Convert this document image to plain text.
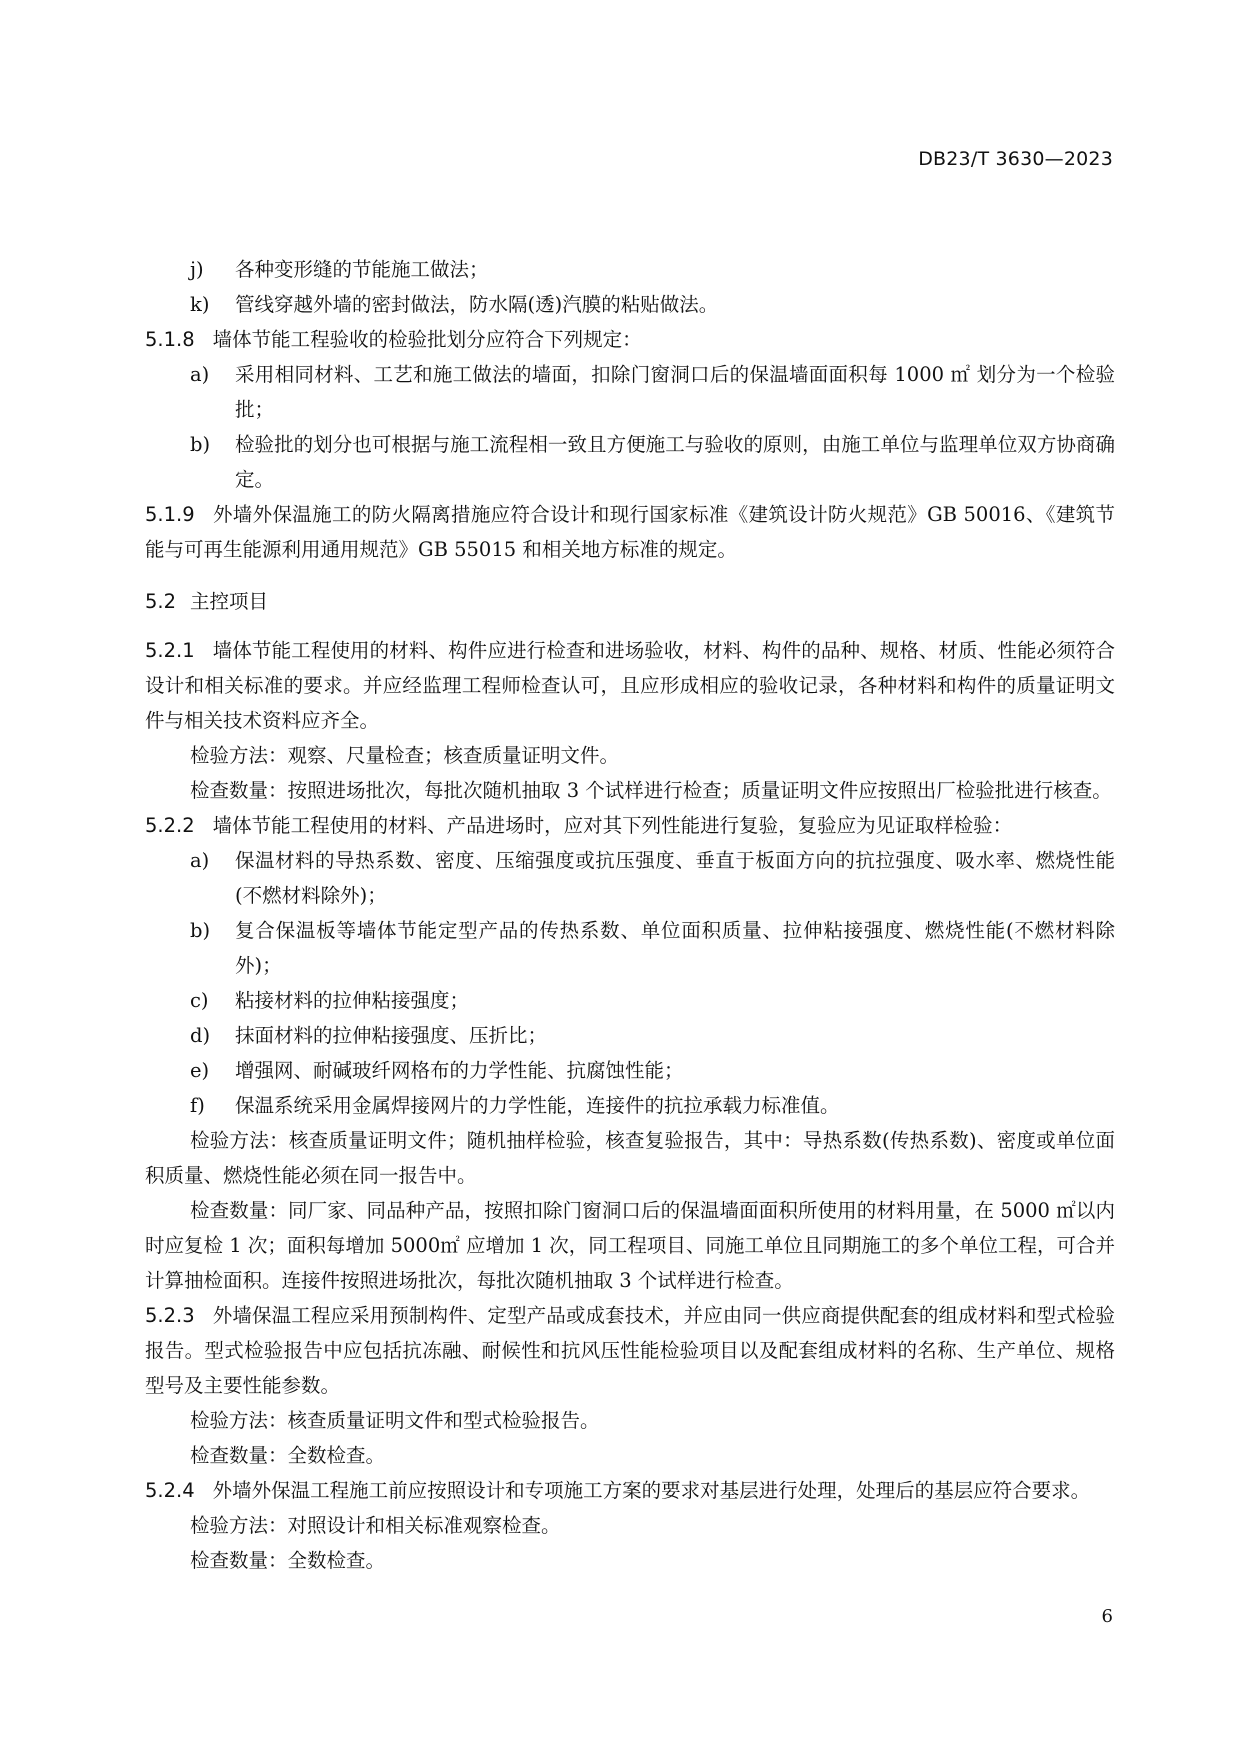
DB23/T 3630—2023

j) 各种变形缝的节能施工做法；

k) 管线穿越外墙的密封做法，防水隔(透)汽膜的粘贴做法。

5.1.8 墙体节能工程验收的检验批划分应符合下列规定：

a) 采用相同材料、工艺和施工做法的墙面，扣除门窗洞口后的保温墙面面积每 1000 ㎡ 划分为一个检验批；

b) 检验批的划分也可根据与施工流程相一致且方便施工与验收的原则，由施工单位与监理单位双方协商确定。

5.1.9 外墙外保温施工的防火隔离措施应符合设计和现行国家标准《建筑设计防火规范》GB 50016、《建筑节能与可再生能源利用通用规范》GB 55015 和相关地方标准的规定。

5.2 主控项目

5.2.1 墙体节能工程使用的材料、构件应进行检查和进场验收，材料、构件的品种、规格、材质、性能必须符合设计和相关标准的要求。并应经监理工程师检查认可，且应形成相应的验收记录，各种材料和构件的质量证明文件与相关技术资料应齐全。

检验方法：观察、尺量检查；核查质量证明文件。

检查数量：按照进场批次，每批次随机抽取 3 个试样进行检查；质量证明文件应按照出厂检验批进行核查。

5.2.2 墙体节能工程使用的材料、产品进场时，应对其下列性能进行复验，复验应为见证取样检验：

a) 保温材料的导热系数、密度、压缩强度或抗压强度、垂直于板面方向的抗拉强度、吸水率、燃烧性能(不燃材料除外)；

b) 复合保温板等墙体节能定型产品的传热系数、单位面积质量、拉伸粘接强度、燃烧性能(不燃材料除外)；

c) 粘接材料的拉伸粘接强度；

d) 抹面材料的拉伸粘接强度、压折比；

e) 增强网、耐碱玻纤网格布的力学性能、抗腐蚀性能；

f) 保温系统采用金属焊接网片的力学性能，连接件的抗拉承载力标准值。

检验方法：核查质量证明文件；随机抽样检验，核查复验报告，其中：导热系数(传热系数)、密度或单位面积质量、燃烧性能必须在同一报告中。

检查数量：同厂家、同品种产品，按照扣除门窗洞口后的保温墙面面积所使用的材料用量，在 5000 ㎡以内时应复检 1 次；面积每增加 5000㎡ 应增加 1 次，同工程项目、同施工单位且同期施工的多个单位工程，可合并计算抽检面积。连接件按照进场批次，每批次随机抽取 3 个试样进行检查。

5.2.3 外墙保温工程应采用预制构件、定型产品或成套技术，并应由同一供应商提供配套的组成材料和型式检验报告。型式检验报告中应包括抗冻融、耐候性和抗风压性能检验项目以及配套组成材料的名称、生产单位、规格型号及主要性能参数。

检验方法：核查质量证明文件和型式检验报告。

检查数量：全数检查。

5.2.4 外墙外保温工程施工前应按照设计和专项施工方案的要求对基层进行处理，处理后的基层应符合要求。

检验方法：对照设计和相关标准观察检查。

检查数量：全数检查。

6
